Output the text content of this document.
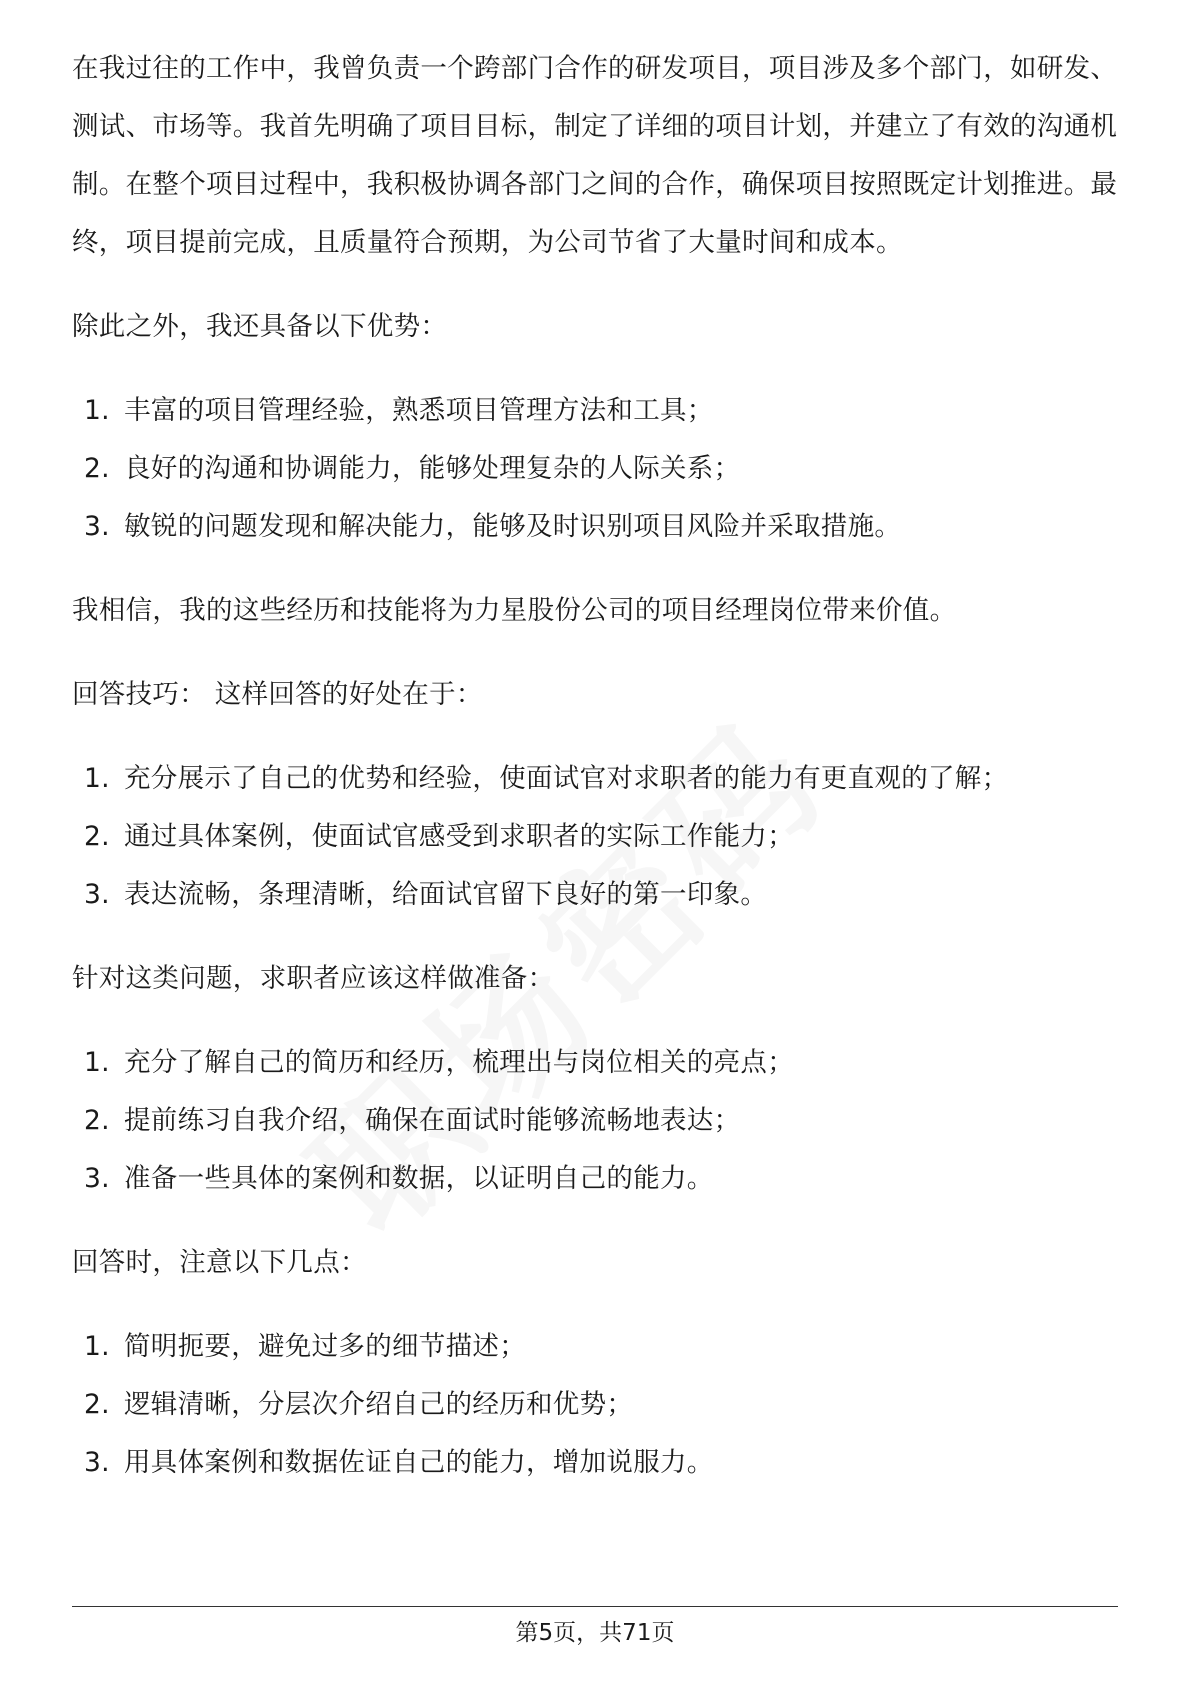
在我过往的工作中，我曾负责一个跨部门合作的研发项目，项目涉及多个部门，如研发、测试、市场等。我首先明确了项目目标，制定了详细的项目计划，并建立了有效的沟通机制。在整个项目过程中，我积极协调各部门之间的合作，确保项目按照既定计划推进。最终，项目提前完成，且质量符合预期，为公司节省了大量时间和成本。

除此之外，我还具备以下优势：

1. 丰富的项目管理经验，熟悉项目管理方法和工具；
2. 良好的沟通和协调能力，能够处理复杂的人际关系；
3. 敏锐的问题发现和解决能力，能够及时识别项目风险并采取措施。

我相信，我的这些经历和技能将为力星股份公司的项目经理岗位带来价值。

回答技巧： 这样回答的好处在于：

1. 充分展示了自己的优势和经验，使面试官对求职者的能力有更直观的了解；
2. 通过具体案例，使面试官感受到求职者的实际工作能力；
3. 表达流畅，条理清晰，给面试官留下良好的第一印象。

针对这类问题，求职者应该这样做准备：

1. 充分了解自己的简历和经历，梳理出与岗位相关的亮点；
2. 提前练习自我介绍，确保在面试时能够流畅地表达；
3. 准备一些具体的案例和数据，以证明自己的能力。

回答时，注意以下几点：

1. 简明扼要，避免过多的细节描述；
2. 逻辑清晰，分层次介绍自己的经历和优势；
3. 用具体案例和数据佐证自己的能力，增加说服力。
第5页，共71页
